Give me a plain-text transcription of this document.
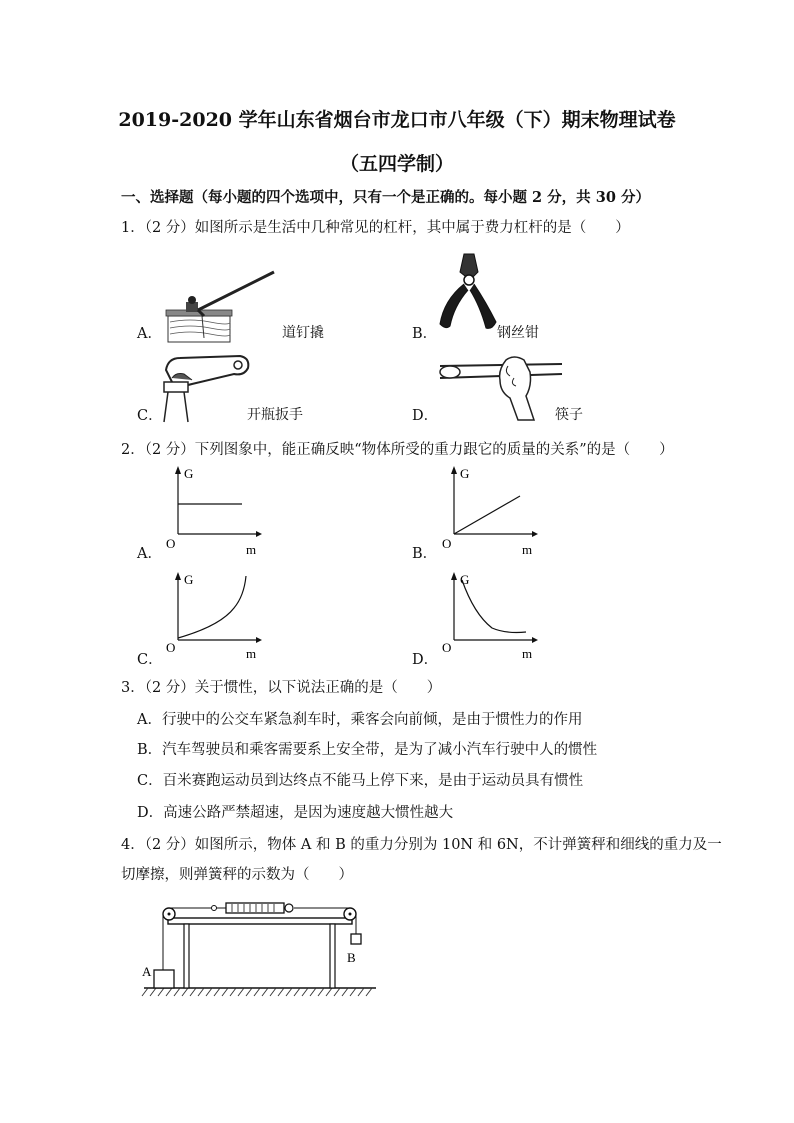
2019-2020 学年山东省烟台市龙口市八年级（下）期末物理试卷
（五四学制）
一、选择题（每小题的四个选项中，只有一个是正确的。每小题 2 分，共 30 分）
1．（2 分）如图所示是生活中几种常见的杠杆，其中属于费力杠杆的是（　　）
A．	道钉撬	B．	钢丝钳
C．	开瓶扳手	D．	筷子
2．（2 分）下列图象中，能正确反映“物体所受的重力跟它的质量的关系”的是（　　）
A．
G
O	m	B．
G
O	m
C．
G
O	m	D．
G
O	m
3．（2 分）关于惯性，以下说法正确的是（　　）
A．行驶中的公交车紧急刹车时，乘客会向前倾，是由于惯性力的作用
B．汽车驾驶员和乘客需要系上安全带，是为了减小汽车行驶中人的惯性
C．百米赛跑运动员到达终点不能马上停下来，是由于运动员具有惯性
D．高速公路严禁超速，是因为速度越大惯性越大
4．（2 分）如图所示，物体 A 和 B 的重力分别为 10N 和 6N，不计弹簧秤和细线的重力及一
切摩擦，则弹簧秤的示数为（　　）
A
B
